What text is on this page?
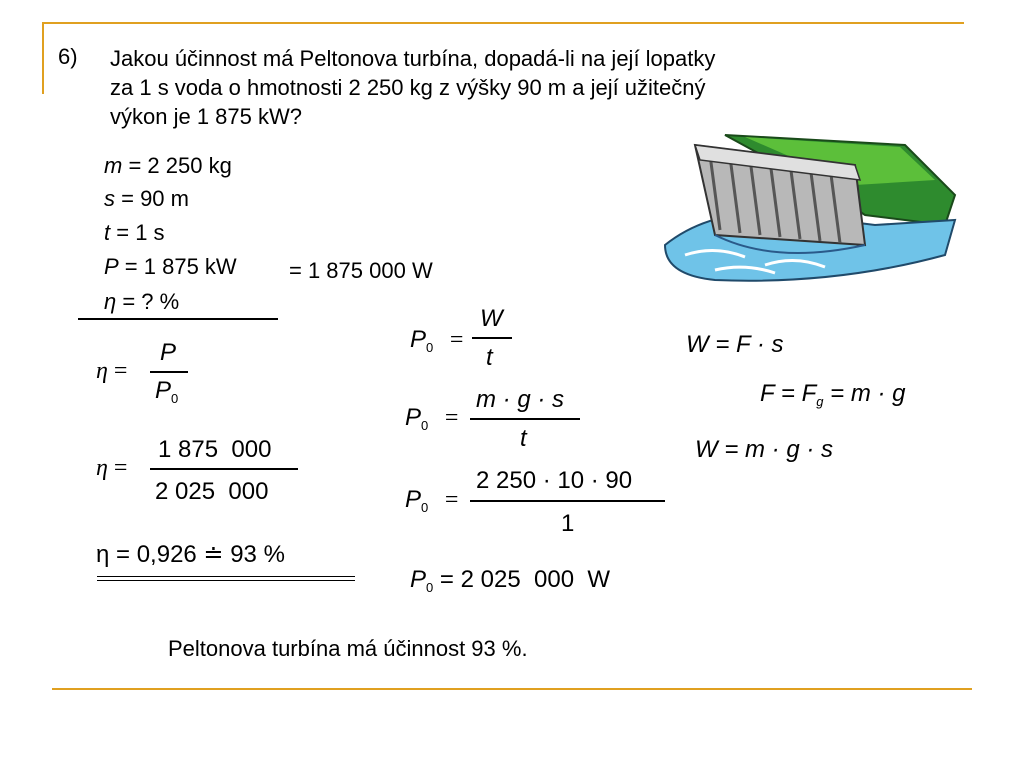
6) Jakou účinnost má Peltonova turbína, dopadá-li na její lopatky
za 1 s voda o hmotnosti 2 250 kg z výšky 90 m a její užitečný
výkon je 1 875 kW?
m = 2 250 kg
s = 90 m
t = 1 s
P = 1 875 kW = 1 875 000 W
η = ? %
η =
P
$P_0$
η =
1 875  000
2 025  000
η = 0,926 ≐ 93 %
$P_0$ =
W
t
$P_0$ =
m · g · s
t
$P_0$ =
2 250 · 10 · 90
1
$P_0 = 2$ 025  000  W
W = F · s
$F = F_g = m \cdot g$
W = m · g · s
Peltonova turbína má účinnost 93 %.
